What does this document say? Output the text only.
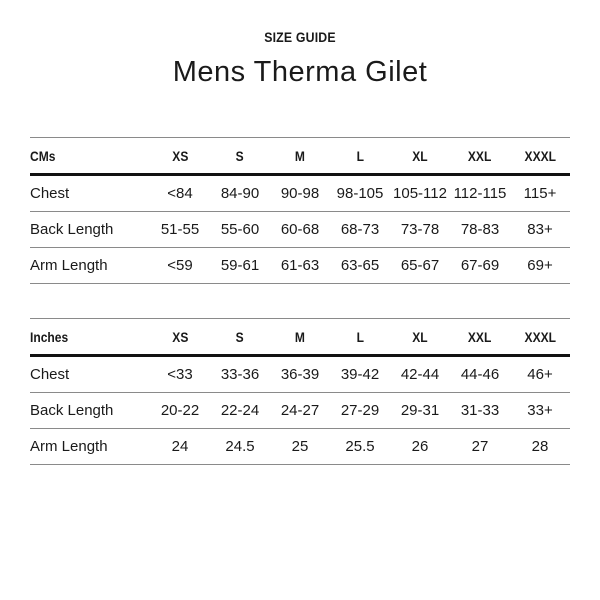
SIZE GUIDE
Mens Therma Gilet
CMs	XS	S	M	L	XL	XXL	XXXL
Chest	<84	84-90	90-98	98-105	105-112	112-115	115+
Back Length	51-55	55-60	60-68	68-73	73-78	78-83	83+
Arm Length	<59	59-61	61-63	63-65	65-67	67-69	69+
Inches	XS	S	M	L	XL	XXL	XXXL
Chest	<33	33-36	36-39	39-42	42-44	44-46	46+
Back Length	20-22	22-24	24-27	27-29	29-31	31-33	33+
Arm Length	24	24.5	25	25.5	26	27	28
